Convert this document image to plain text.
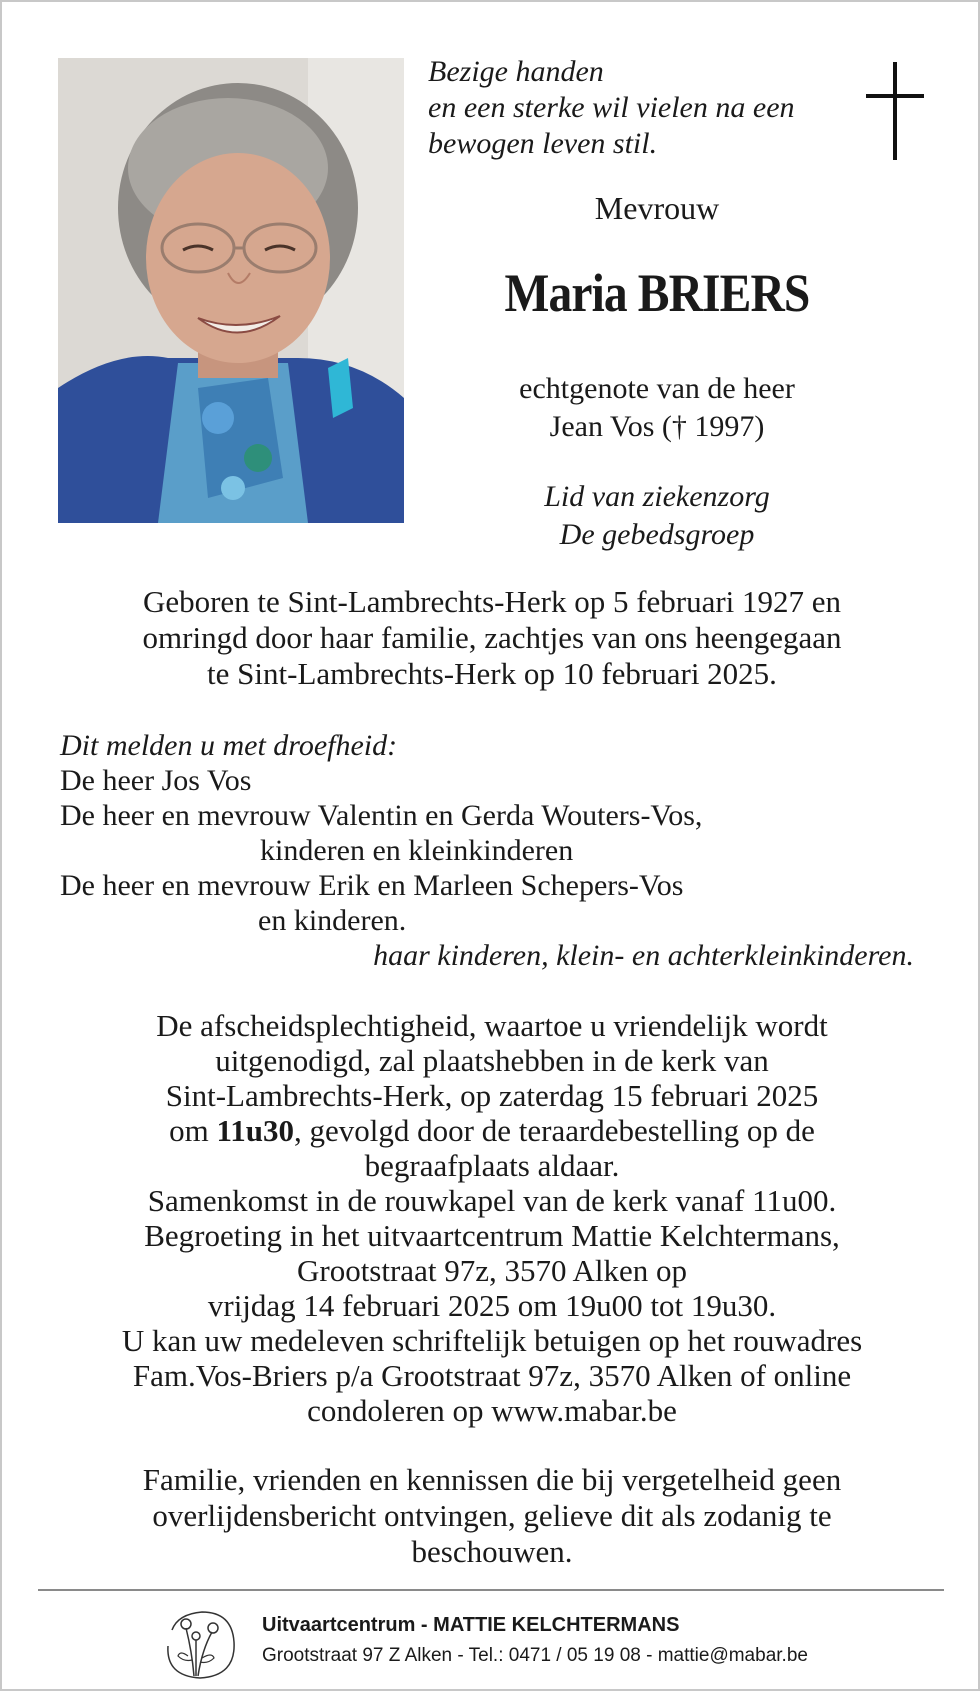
Bezige handen
en een sterke wil vielen na een
bewogen leven stil.
Mevrouw
Maria BRIERS
echtgenote van de heer
Jean Vos († 1997)
Lid van ziekenzorg
De gebedsgroep
Geboren te Sint-Lambrechts-Herk op 5 februari 1927 en
omringd door haar familie, zachtjes van ons heengegaan
te Sint-Lambrechts-Herk op 10 februari 2025.
Dit melden u met droefheid:
De heer Jos Vos
De heer en mevrouw Valentin en Gerda Wouters-Vos,
kinderen en kleinkinderen
De heer en mevrouw Erik en Marleen Schepers-Vos
en kinderen.
haar kinderen, klein- en achterkleinkinderen.
De afscheidsplechtigheid, waartoe u vriendelijk wordt
uitgenodigd, zal plaatshebben in de kerk van
Sint-Lambrechts-Herk, op zaterdag 15 februari 2025
om 11u30, gevolgd door de teraardebestelling op de
begraafplaats aldaar.
Samenkomst in de rouwkapel van de kerk vanaf 11u00.
Begroeting in het uitvaartcentrum Mattie Kelchtermans,
Grootstraat 97z, 3570 Alken op
vrijdag 14 februari 2025 om 19u00 tot 19u30.
U kan uw medeleven schriftelijk betuigen op het rouwadres
Fam.Vos-Briers p/a Grootstraat 97z, 3570 Alken of online
condoleren op www.mabar.be
Familie, vrienden en kennissen die bij vergetelheid geen
overlijdensbericht ontvingen, gelieve dit als zodanig te
beschouwen.
Uitvaartcentrum - MATTIE KELCHTERMANS
Grootstraat 97 Z Alken - Tel.: 0471 / 05 19 08 - mattie@mabar.be
